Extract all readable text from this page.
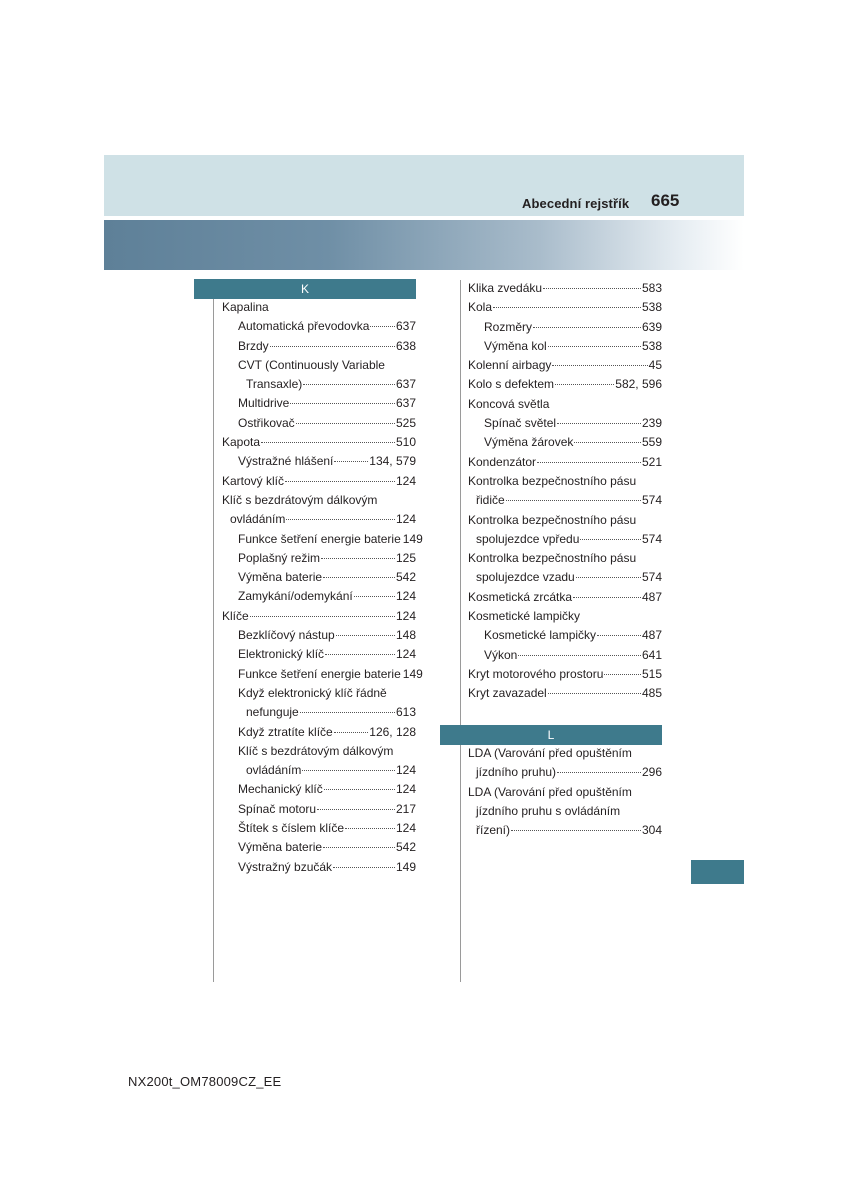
Abecední rejstřík 665
K
L
Kapalina
Automatická převodovka 637
Brzdy	638
CVT (Continuously Variable
Transaxle)	637
Multidrive	637
Ostřikovač	525
Kapota	510
Výstražné hlášení	134, 579
Kartový klíč	124
Klíč s bezdrátovým dálkovým
ovládáním	124
Funkce šetření energie baterie 149
Poplašný režim	125
Výměna baterie	542
Zamykání/odemykání	124
Klíče	124
Bezklíčový nástup	148
Elektronický klíč	124
Funkce šetření energie baterie 149
Když elektronický klíč řádně
nefunguje	613
Když ztratíte klíče	126, 128
Klíč s bezdrátovým dálkovým
ovládáním	124
Mechanický klíč	124
Spínač motoru	217
Štítek s číslem klíče	124
Výměna baterie	542
Výstražný bzučák	149
Klika zvedáku	583
Kola	538
Rozměry	639
Výměna kol	538
Kolenní airbagy	45
Kolo s defektem	582, 596
Koncová světla
Spínač světel	239
Výměna žárovek	559
Kondenzátor	521
Kontrolka bezpečnostního pásu
řidiče	574
Kontrolka bezpečnostního pásu
spolujezdce vpředu	574
Kontrolka bezpečnostního pásu
spolujezdce vzadu	574
Kosmetická zrcátka	487
Kosmetické lampičky
Kosmetické lampičky	487
Výkon	641
Kryt motorového prostoru	515
Kryt zavazadel	485
LDA (Varování před opuštěním
jízdního pruhu)	296
LDA (Varování před opuštěním
jízdního pruhu s ovládáním
řízení)	304
NX200t_OM78009CZ_EE
